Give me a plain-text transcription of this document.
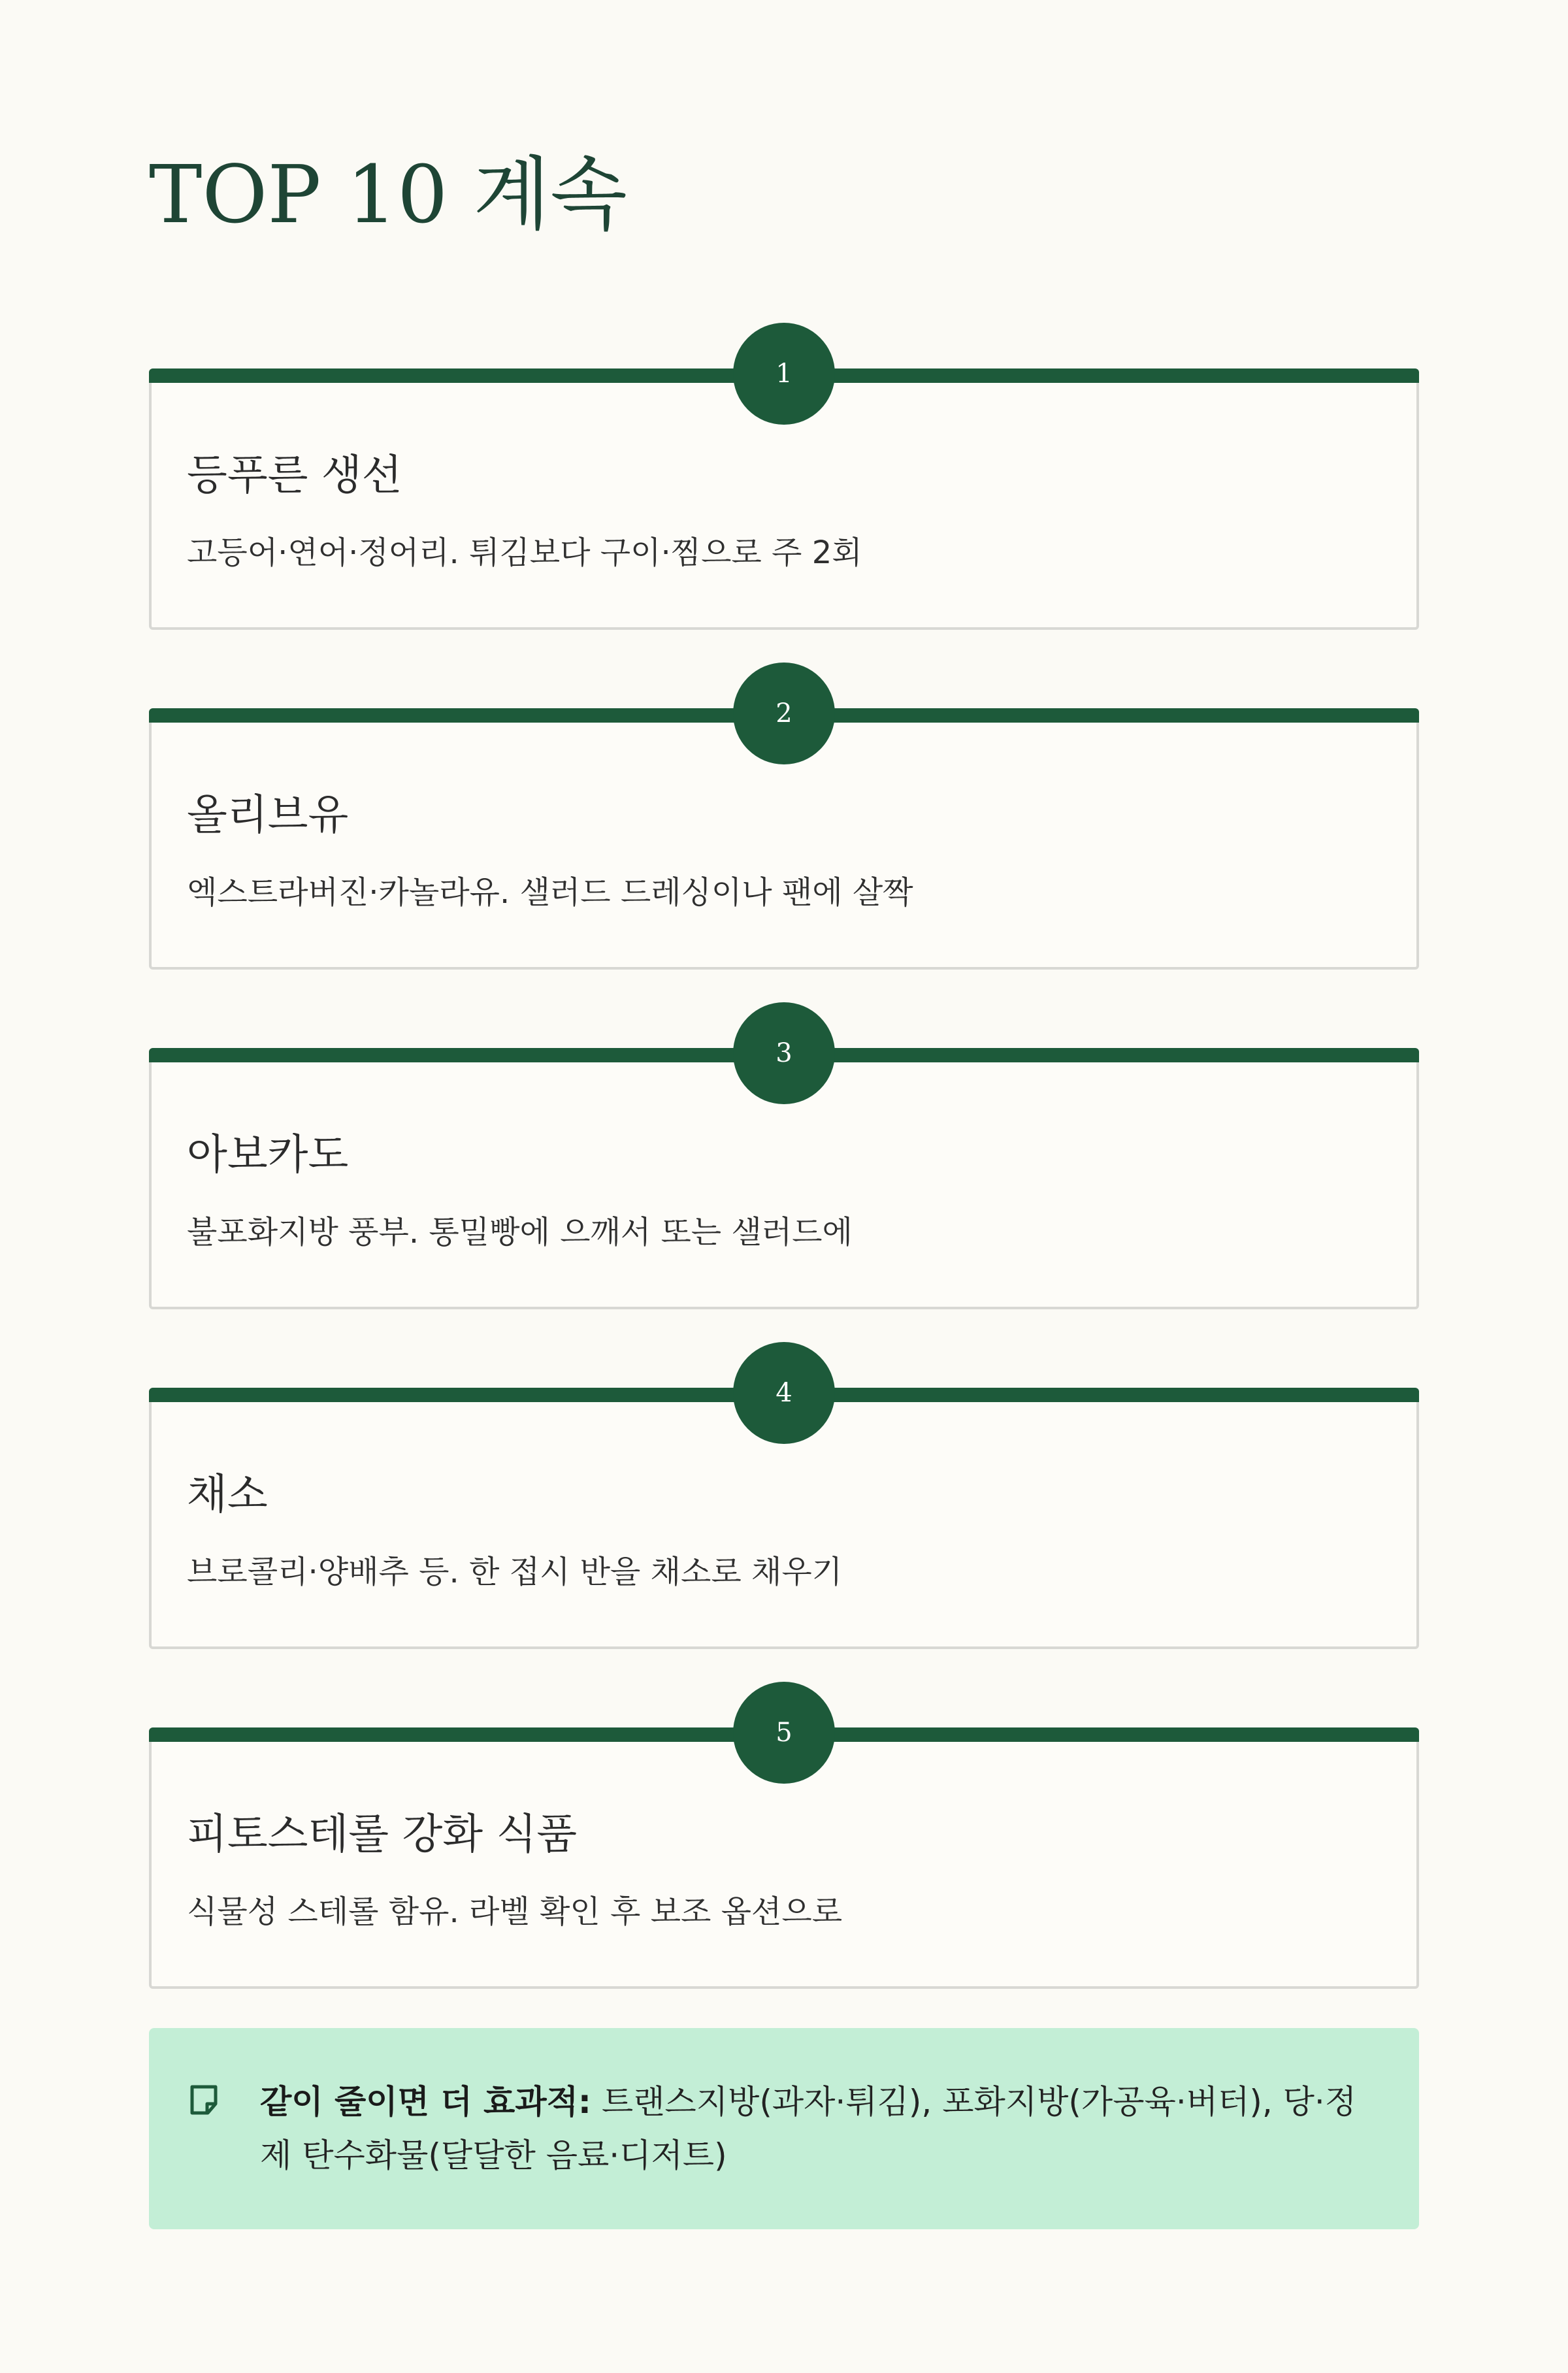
TOP 10 계속
1
등푸른 생선
고등어·연어·정어리. 튀김보다 구이·찜으로 주 2회
2
올리브유
엑스트라버진·카놀라유. 샐러드 드레싱이나 팬에 살짝
3
아보카도
불포화지방 풍부. 통밀빵에 으깨서 또는 샐러드에
4
채소
브로콜리·양배추 등. 한 접시 반을 채소로 채우기
5
피토스테롤 강화 식품
식물성 스테롤 함유. 라벨 확인 후 보조 옵션으로
같이 줄이면 더 효과적: 트랜스지방(과자·튀김), 포화지방(가공육·버터), 당·정제 탄수화물(달달한 음료·디저트)
